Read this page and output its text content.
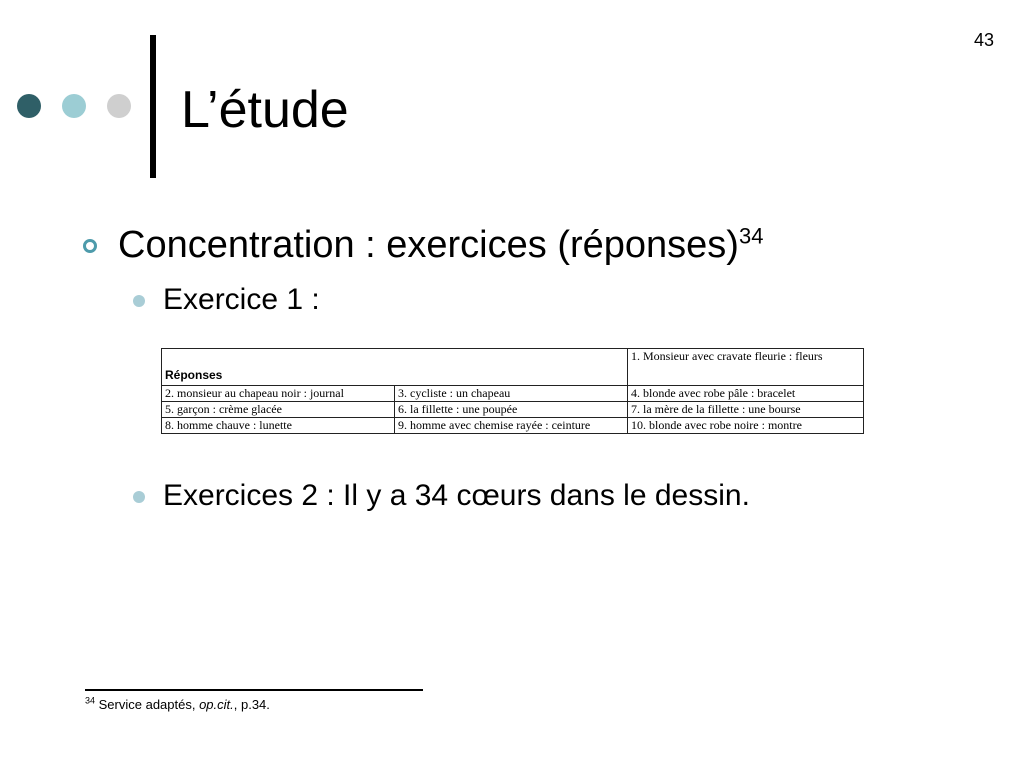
43
L’étude
Concentration : exercices (réponses)$^{34}$
Exercice 1 :
Réponses		1. Monsieur avec cravate fleurie : fleurs
2. monsieur au chapeau noir : journal	3. cycliste : un chapeau	4. blonde avec robe pâle : bracelet
5. garçon : crème glacée	6. la fillette : une poupée	7. la mère de la fillette : une bourse
8. homme chauve : lunette	9. homme avec chemise rayée : ceinture	10. blonde avec robe noire : montre
Exercices 2 : Il y a 34 cœurs dans le dessin.
$^{34}$ Service adaptés, op.cit., p.34.
